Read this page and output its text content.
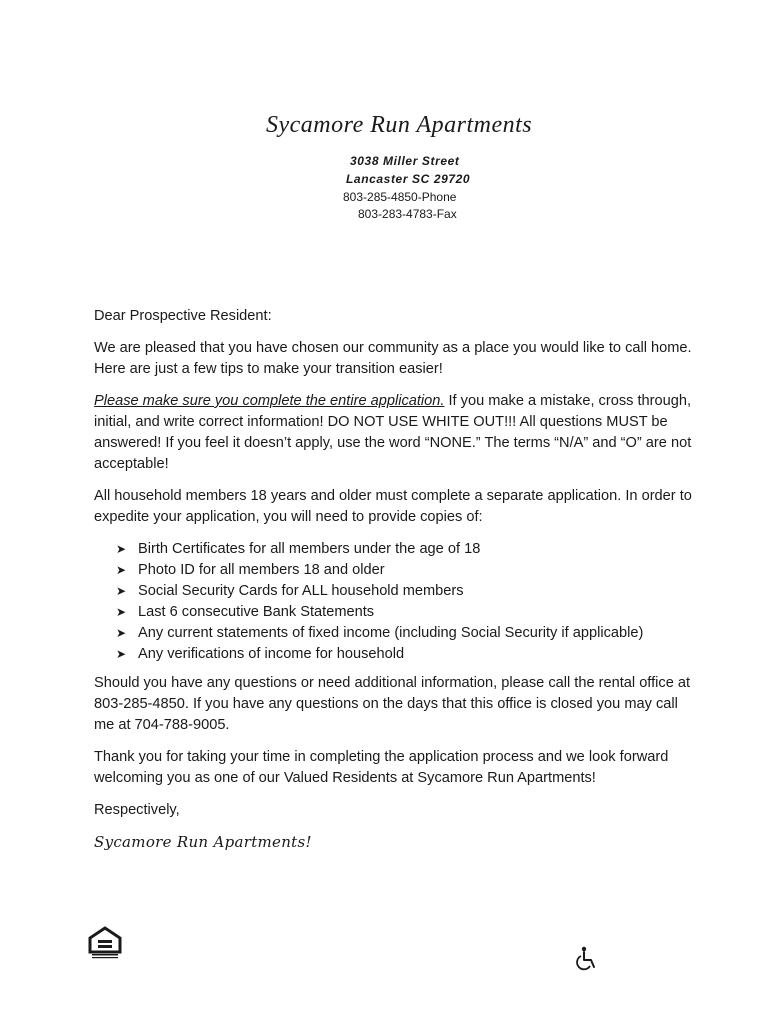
Sycamore Run Apartments
3038 Miller Street
Lancaster SC 29720
803-285-4850-Phone
803-283-4783-Fax

Dear Prospective Resident:

We are pleased that you have chosen our community as a place you would like to call home. Here are just a few tips to make your transition easier!

Please make sure you complete the entire application. If you make a mistake, cross through, initial, and write correct information! DO NOT USE WHITE OUT!!! All questions MUST be answered! If you feel it doesn’t apply, use the word “NONE.” The terms “N/A” and “O” are not acceptable!

All household members 18 years and older must complete a separate application. In order to expedite your application, you will need to provide copies of:

➤ Birth Certificates for all members under the age of 18
➤ Photo ID for all members 18 and older
➤ Social Security Cards for ALL household members
➤ Last 6 consecutive Bank Statements
➤ Any current statements of fixed income (including Social Security if applicable)
➤ Any verifications of income for household

Should you have any questions or need additional information, please call the rental office at 803-285-4850. If you have any questions on the days that this office is closed you may call me at 704-788-9005.

Thank you for taking your time in completing the application process and we look forward welcoming you as one of our Valued Residents at Sycamore Run Apartments!

Respectively,

Sycamore Run Apartments!
